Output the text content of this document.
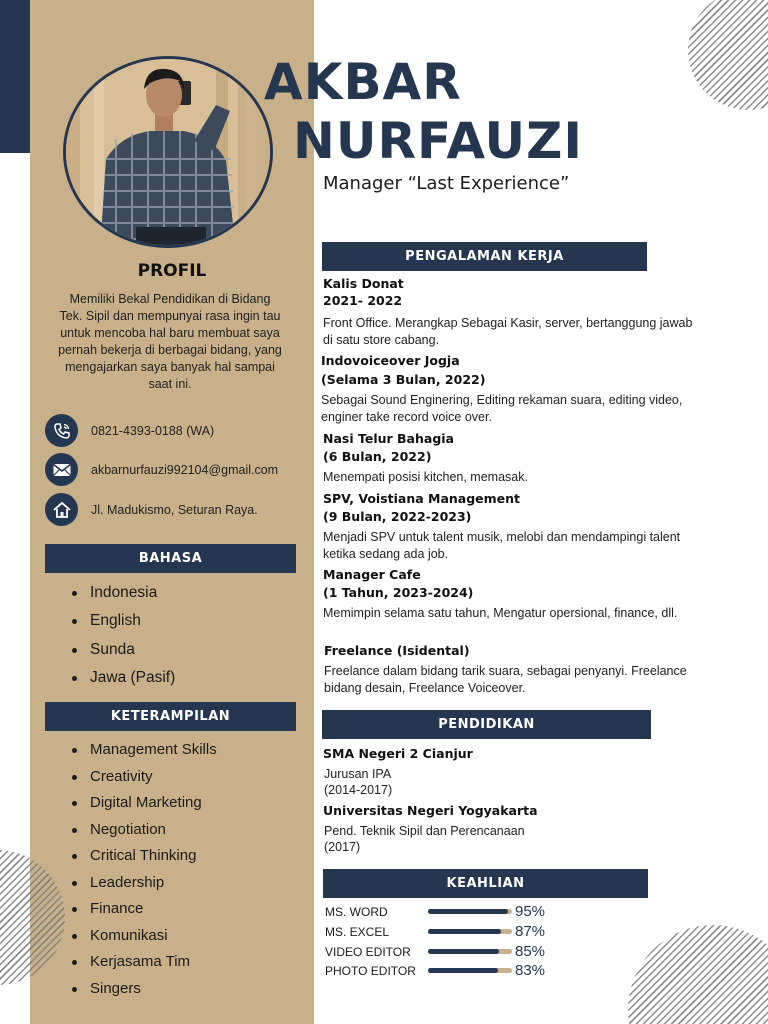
AKBAR
NURFAUZI
Manager “Last Experience”
PROFIL
Memiliki Bekal Pendidikan di Bidang Tek. Sipil dan mempunyai rasa ingin tau untuk mencoba hal baru membuat saya pernah bekerja di berbagai bidang, yang mengajarkan saya banyak hal sampai saat ini.
0821-4393-0188 (WA)
akbarnurfauzi992104@gmail.com
Jl. Madukismo, Seturan Raya.
BAHASA
Indonesia
English
Sunda
Jawa (Pasif)
KETERAMPILAN
Management Skills
Creativity
Digital Marketing
Negotiation
Critical Thinking
Leadership
Finance
Komunikasi
Kerjasama Tim
Singers
PENGALAMAN KERJA
Kalis Donat
2021- 2022
Front Office. Merangkap Sebagai Kasir, server, bertanggung jawab di satu store cabang.
Indovoiceover Jogja
(Selama 3 Bulan, 2022)
Sebagai Sound Enginering, Editing rekaman suara, editing video, enginer take record voice over.
Nasi Telur Bahagia
(6 Bulan, 2022)
Menempati posisi kitchen, memasak.
SPV, Voistiana Management
(9 Bulan, 2022-2023)
Menjadi SPV untuk talent musik, melobi dan mendampingi talent ketika sedang ada job.
Manager Cafe
(1 Tahun, 2023-2024)
Memimpin selama satu tahun, Mengatur opersional, finance, dll.
Freelance (Isidental)
Freelance dalam bidang tarik suara, sebagai penyanyi. Freelance bidang desain, Freelance Voiceover.
PENDIDIKAN
SMA Negeri 2 Cianjur
Jurusan IPA
(2014-2017)
Universitas Negeri Yogyakarta
Pend. Teknik Sipil dan Perencanaan
(2017)
KEAHLIAN
MS. WORD	95%
MS. EXCEL	87%
VIDEO EDITOR	85%
PHOTO EDITOR	83%
